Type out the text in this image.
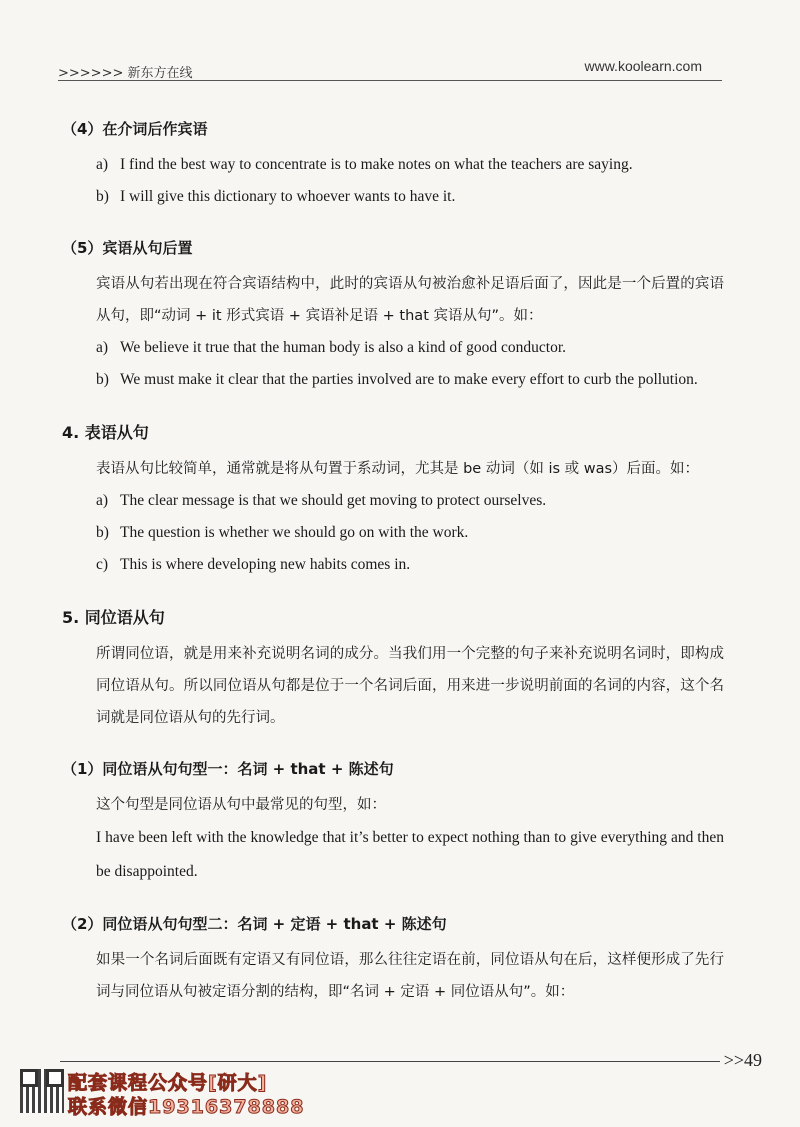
>>>>>> 新东方在线	www.koolearn.com
（4）在介词后作宾语
a) I find the best way to concentrate is to make notes on what the teachers are saying.
b) I will give this dictionary to whoever wants to have it.
（5）宾语从句后置
宾语从句若出现在符合宾语结构中，此时的宾语从句被治愈补足语后面了，因此是一个后置的宾语从句，即“动词 + it 形式宾语 + 宾语补足语 + that 宾语从句”。如：
a) We believe it true that the human body is also a kind of good conductor.
b) We must make it clear that the parties involved are to make every effort to curb the pollution.
4. 表语从句
表语从句比较简单，通常就是将从句置于系动词，尤其是 be 动词（如 is 或 was）后面。如：
a) The clear message is that we should get moving to protect ourselves.
b) The question is whether we should go on with the work.
c) This is where developing new habits comes in.
5. 同位语从句
所谓同位语，就是用来补充说明名词的成分。当我们用一个完整的句子来补充说明名词时，即构成同位语从句。所以同位语从句都是位于一个名词后面，用来进一步说明前面的名词的内容，这个名词就是同位语从句的先行词。
（1）同位语从句句型一：名词 + that + 陈述句
这个句型是同位语从句中最常见的句型，如：
I have been left with the knowledge that it’s better to expect nothing than to give everything and then be disappointed.
（2）同位语从句句型二：名词 + 定语 + that + 陈述句
如果一个名词后面既有定语又有同位语，那么往往定语在前，同位语从句在后，这样便形成了先行词与同位语从句被定语分割的结构，即“名词 + 定语 + 同位语从句”。如：
>>49
配套课程公众号[研大]
联系微信19316378888
